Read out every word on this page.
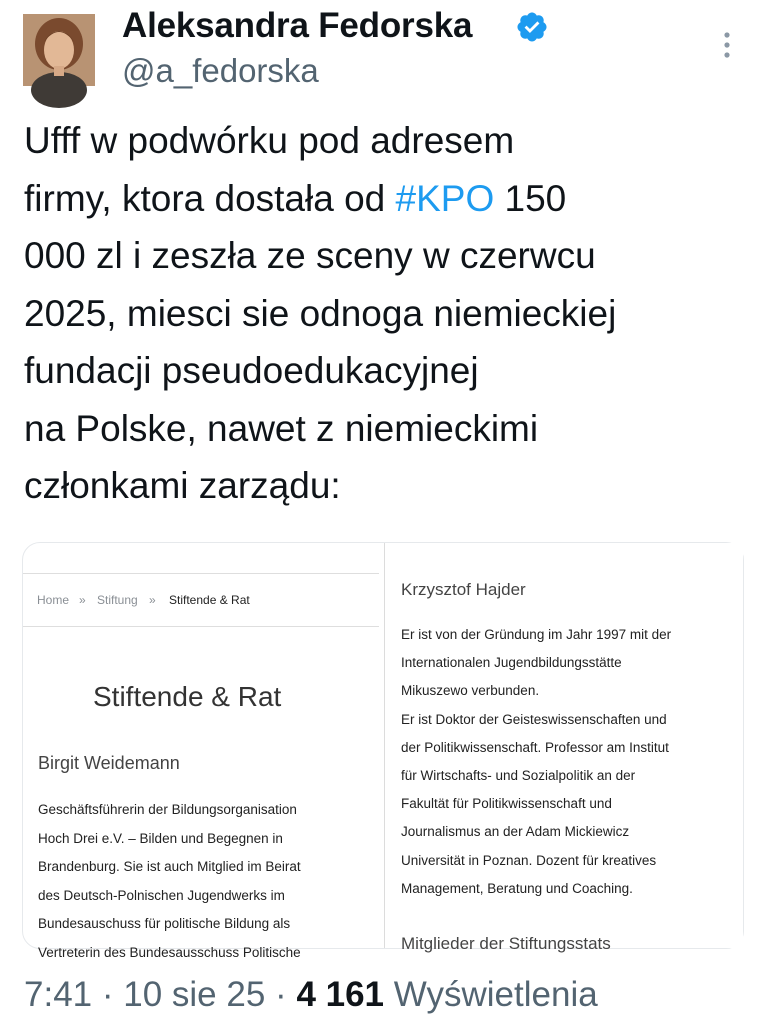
Aleksandra Fedorska
@a_fedorska
Ufff w podwórku pod adresem
firmy, ktora dostała od #KPO 150
000 zl i zeszła ze sceny w czerwcu
2025, miesci sie odnoga niemieckiej
fundacji pseudoedukacyjnej
na Polske, nawet z niemieckimi
członkami zarządu:
Home » Stiftung » Stiftende & Rat
Stiftende & Rat
Birgit Weidemann
Geschäftsführerin der Bildungsorganisation
Hoch Drei e.V. – Bilden und Begegnen in
Brandenburg. Sie ist auch Mitglied im Beirat
des Deutsch-Polnischen Jugendwerks im
Bundesauschuss für politische Bildung als
Vertreterin des Bundesausschuss Politische
Krzysztof Hajder
Er ist von der Gründung im Jahr 1997 mit der
Internationalen Jugendbildungsstätte
Mikuszewo verbunden.
Er ist Doktor der Geisteswissenschaften und
der Politikwissenschaft. Professor am Institut
für Wirtschafts- und Sozialpolitik an der
Fakultät für Politikwissenschaft und
Journalismus an der Adam Mickiewicz
Universität in Poznan. Dozent für kreatives
Management, Beratung und Coaching.
Mitglieder der Stiftungsstats
7:41 · 10 sie 25 · 4 161 Wyświetlenia
